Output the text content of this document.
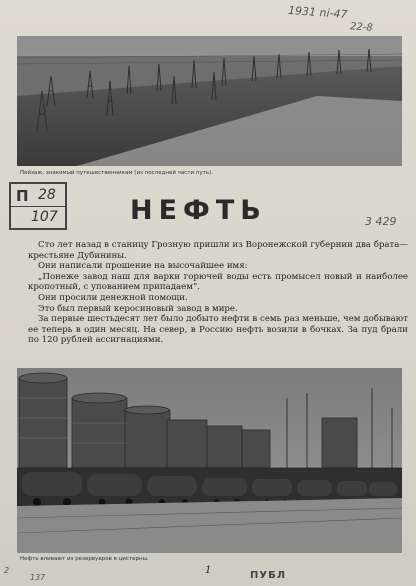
1931 ni-47
22-8
3 429
2
137
Пейзаж, знакомый путешественникам (из последней части путь).
П 28
107	НЕФТЬ

Сто лет назад в станицу Грозную пришли из Воронежской губернии два брата—крестьяне Дубинины.

Они написали прошение на высочайшее имя:

„Понеже завод наш для варки горючей воды есть промысел новый и наиболее кропотный, с упованием припадаем“.

Они просили денежной помощи.

Это был первый керосиновый завод в мире.

За первые шестьдесят лет было добыто нефти в семь раз меньше, чем добывают ее теперь в один месяц. На север, в Россию нефть возили в бочках. За пуд брали по 120 рублей ассигнациями.

Нефть вливают из резервуаров в цистерны.
1	ПУБЛ
